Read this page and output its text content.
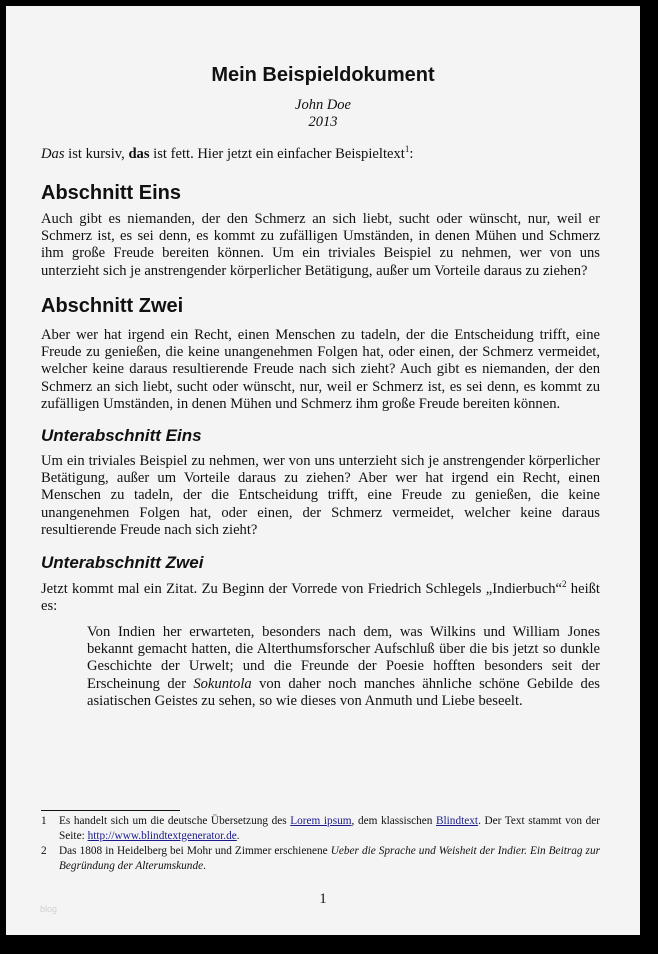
Mein Beispieldokument
John Doe
2013
Das ist kursiv, das ist fett. Hier jetzt ein einfacher Beispieltext$^1$:
Abschnitt Eins
Auch gibt es niemanden, der den Schmerz an sich liebt, sucht oder wünscht, nur, weil er Schmerz ist, es sei denn, es kommt zu zufälligen Umständen, in denen Mühen und Schmerz ihm große Freude bereiten können. Um ein triviales Beispiel zu nehmen, wer von uns unterzieht sich je anstrengender körperlicher Betätigung, außer um Vorteile daraus zu ziehen?
Abschnitt Zwei
Aber wer hat irgend ein Recht, einen Menschen zu tadeln, der die Entscheidung trifft, eine Freude zu genießen, die keine unangenehmen Folgen hat, oder einen, der Schmerz vermeidet, welcher keine daraus resultierende Freude nach sich zieht? Auch gibt es niemanden, der den Schmerz an sich liebt, sucht oder wünscht, nur, weil er Schmerz ist, es sei denn, es kommt zu zufälligen Umständen, in denen Mühen und Schmerz ihm große Freude bereiten können.
Unterabschnitt Eins
Um ein triviales Beispiel zu nehmen, wer von uns unterzieht sich je anstrengender körperlicher Betätigung, außer um Vorteile daraus zu ziehen? Aber wer hat irgend ein Recht, einen Menschen zu tadeln, der die Entscheidung trifft, eine Freude zu genießen, die keine unangenehmen Folgen hat, oder einen, der Schmerz vermeidet, welcher keine daraus resultierende Freude nach sich zieht?
Unterabschnitt Zwei
Jetzt kommt mal ein Zitat. Zu Beginn der Vorrede von Friedrich Schlegels „Indierbuch“$^2$ heißt es:
Von Indien her erwarteten, besonders nach dem, was Wilkins und William Jones bekannt gemacht hatten, die Alterthumsforscher Aufschluß über die bis jetzt so dunkle Geschichte der Urwelt; und die Freunde der Poesie hofften besonders seit der Erscheinung der Sokuntola von daher noch manches ähnliche schöne Gebilde des asiatischen Geistes zu sehen, so wie dieses von Anmuth und Liebe beseelt.
1 Es handelt sich um die deutsche Übersetzung des Lorem ipsum, dem klassischen Blindtext. Der Text stammt von der Seite: http://www.blindtextgenerator.de.
2 Das 1808 in Heidelberg bei Mohr und Zimmer erschienene Ueber die Sprache und Weisheit der Indier. Ein Beitrag zur Begründung der Alterumskunde.
1
blog
